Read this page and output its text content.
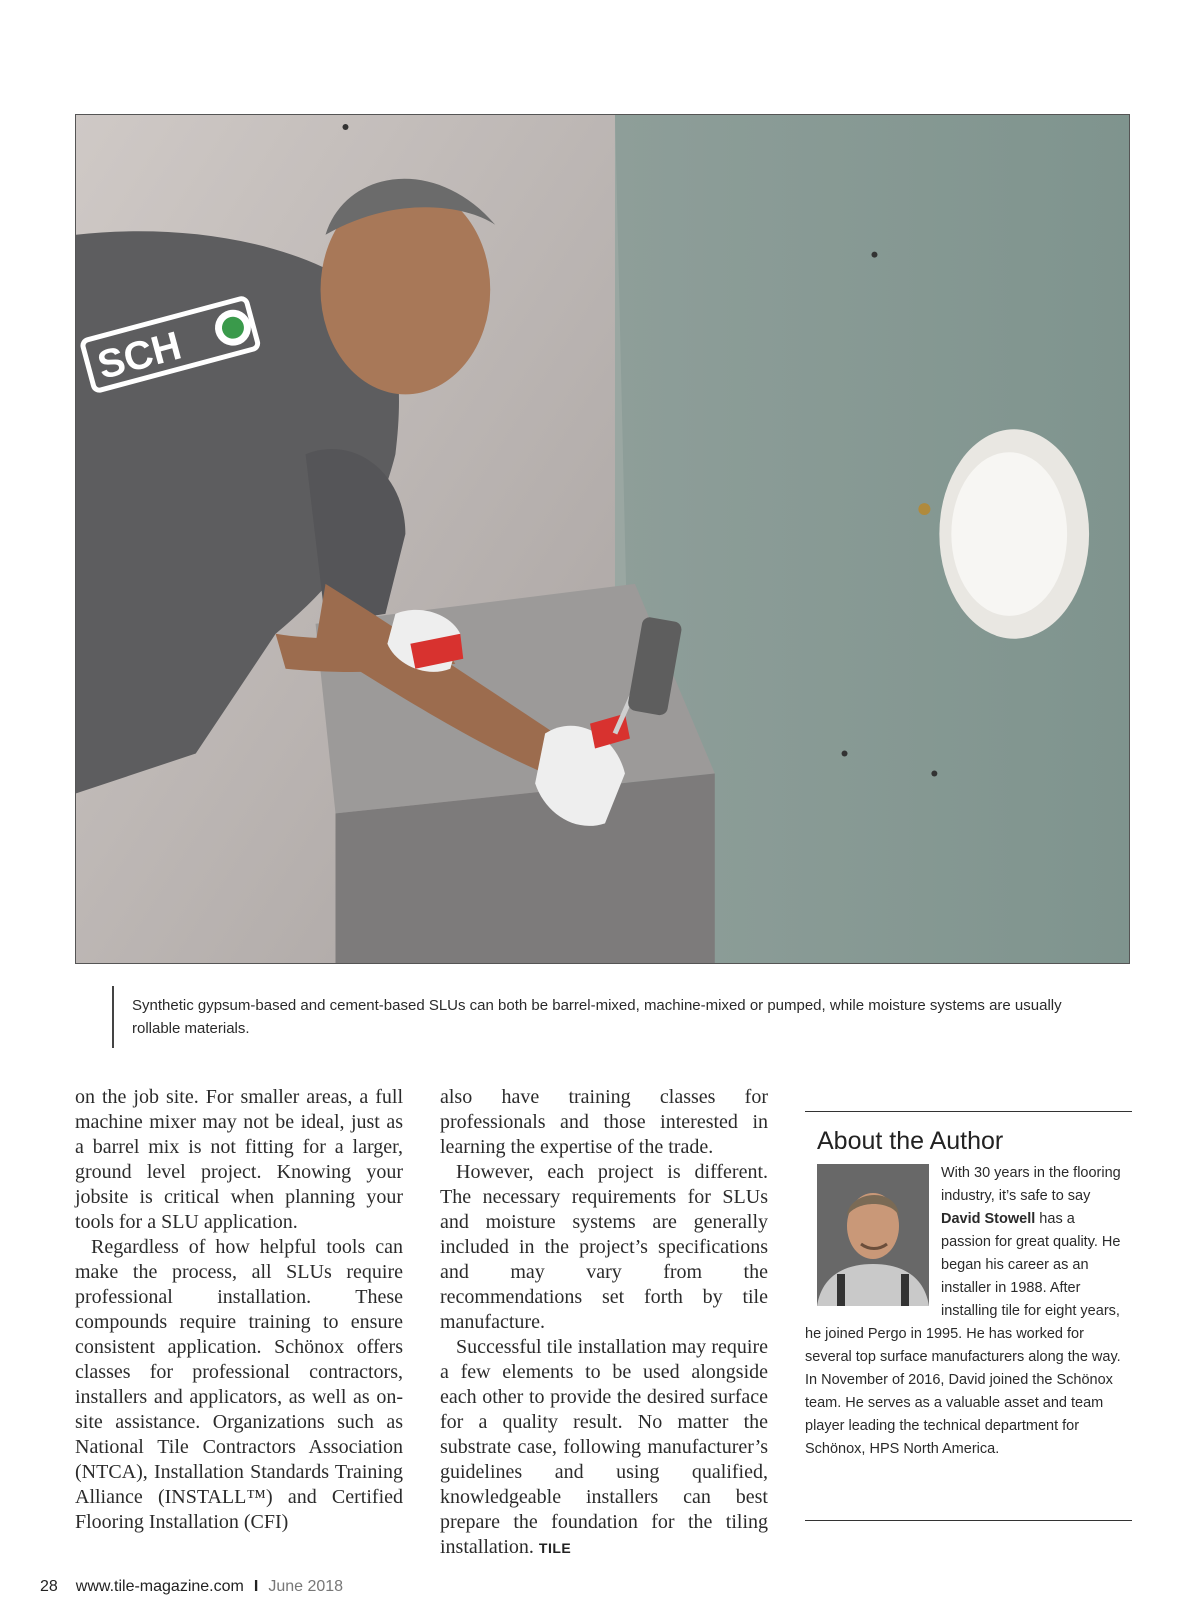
SCH
Synthetic gypsum-based and cement-based SLUs can both be barrel-mixed, machine-mixed or pumped, while moisture systems are usually rollable materials.

on the job site. For smaller areas, a full machine mixer may not be ideal, just as a barrel mix is not fitting for a larger, ground level project. Knowing your jobsite is critical when planning your tools for a SLU application.

Regardless of how helpful tools can make the process, all SLUs require professional installation. These compounds require training to ensure consistent application. Schönox offers classes for professional contractors, installers and applicators, as well as on-site assistance. Organizations such as National Tile Contractors Association (NTCA), Installation Standards Training Alliance (INSTALL™) and Certified Flooring Installation (CFI)

also have training classes for professionals and those interested in learning the expertise of the trade.

However, each project is different. The necessary requirements for SLUs and moisture systems are generally included in the project’s specifications and may vary from the recommendations set forth by tile manufacture.

Successful tile installation may require a few elements to be used alongside each other to provide the desired surface for a quality result. No matter the substrate case, following manufacturer’s guidelines and using qualified, knowledgeable installers can best prepare the foundation for the tiling installation. TILE

About the Author
With 30 years in the flooring industry, it’s safe to say David Stowell has a passion for great quality. He began his career as an installer in 1988. After installing tile for eight years, he joined Pergo in 1995. He has worked for several top surface manufacturers along the way. In November of 2016, David joined the Schönox team. He serves as a valuable asset and team player leading the technical department for Schönox, HPS North America.
28 www.tile-magazine.com I June 2018
